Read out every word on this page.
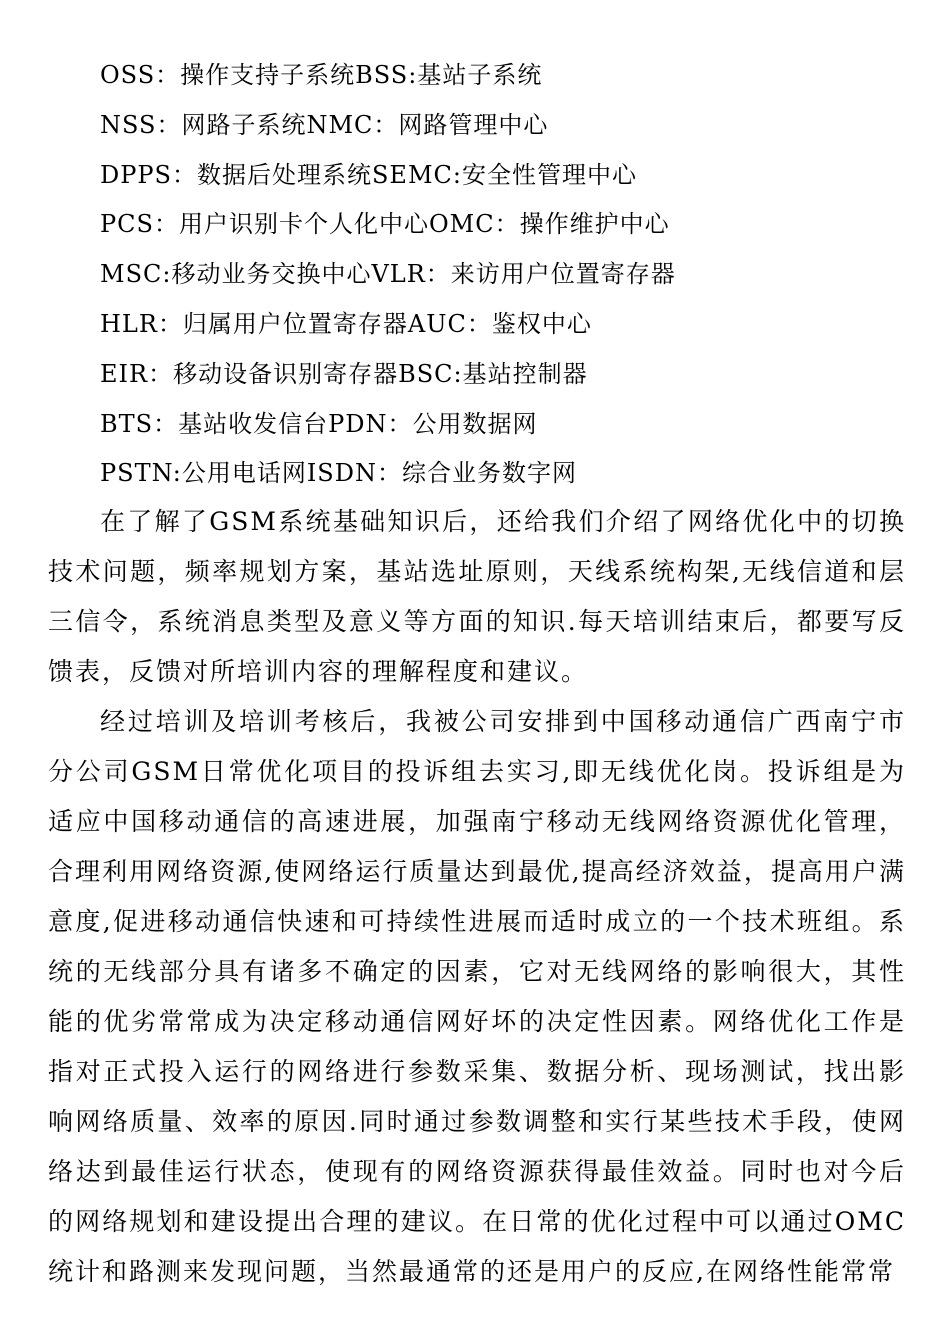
OSS：操作支持子系统BSS:基站子系统
NSS：网路子系统NMC：网路管理中心
DPPS：数据后处理系统SEMC:安全性管理中心
PCS：用户识别卡个人化中心OMC：操作维护中心
MSC:移动业务交换中心VLR：来访用户位置寄存器
HLR：归属用户位置寄存器AUC：鉴权中心
EIR：移动设备识别寄存器BSC:基站控制器
BTS：基站收发信台PDN：公用数据网
PSTN:公用电话网ISDN：综合业务数字网
在了解了GSM系统基础知识后，还给我们介绍了网络优化中的切换技术问题，频率规划方案，基站选址原则，天线系统构架,无线信道和层三信令，系统消息类型及意义等方面的知识.每天培训结束后，都要写反馈表，反馈对所培训内容的理解程度和建议。
经过培训及培训考核后，我被公司安排到中国移动通信广西南宁市分公司GSM日常优化项目的投诉组去实习,即无线优化岗。投诉组是为适应中国移动通信的高速进展，加强南宁移动无线网络资源优化管理，合理利用网络资源,使网络运行质量达到最优,提高经济效益，提高用户满意度,促进移动通信快速和可持续性进展而适时成立的一个技术班组。系统的无线部分具有诸多不确定的因素，它对无线网络的影响很大，其性能的优劣常常成为决定移动通信网好坏的决定性因素。网络优化工作是指对正式投入运行的网络进行参数采集、数据分析、现场测试，找出影响网络质量、效率的原因.同时通过参数调整和实行某些技术手段，使网络达到最佳运行状态，使现有的网络资源获得最佳效益。同时也对今后的网络规划和建设提出合理的建议。在日常的优化过程中可以通过OMC统计和路测来发现问题，当然最通常的还是用户的反应,在网络性能常常
